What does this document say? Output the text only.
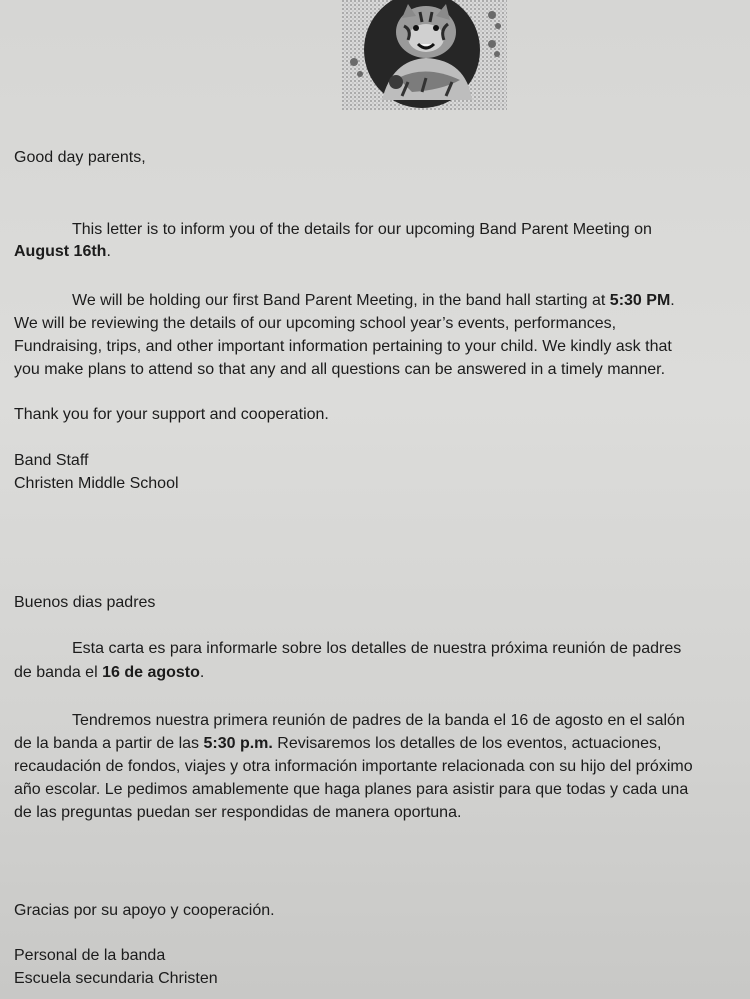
Good day parents,
This letter is to inform you of the details for our upcoming Band Parent Meeting on
August 16th.
We will be holding our first Band Parent Meeting, in the band hall starting at 5:30 PM.
We will be reviewing the details of our upcoming school year’s events, performances,
Fundraising, trips, and other important information pertaining to your child. We kindly ask that
you make plans to attend so that any and all questions can be answered in a timely manner.
Thank you for your support and cooperation.
Band Staff
Christen Middle School
Buenos dias padres
Esta carta es para informarle sobre los detalles de nuestra próxima reunión de padres
de banda el 16 de agosto.
Tendremos nuestra primera reunión de padres de la banda el 16 de agosto en el salón
de la banda a partir de las 5:30 p.m. Revisaremos los detalles de los eventos, actuaciones,
recaudación de fondos, viajes y otra información importante relacionada con su hijo del próximo
año escolar. Le pedimos amablemente que haga planes para asistir para que todas y cada una
de las preguntas puedan ser respondidas de manera oportuna.
Gracias por su apoyo y cooperación.
Personal de la banda
Escuela secundaria Christen
